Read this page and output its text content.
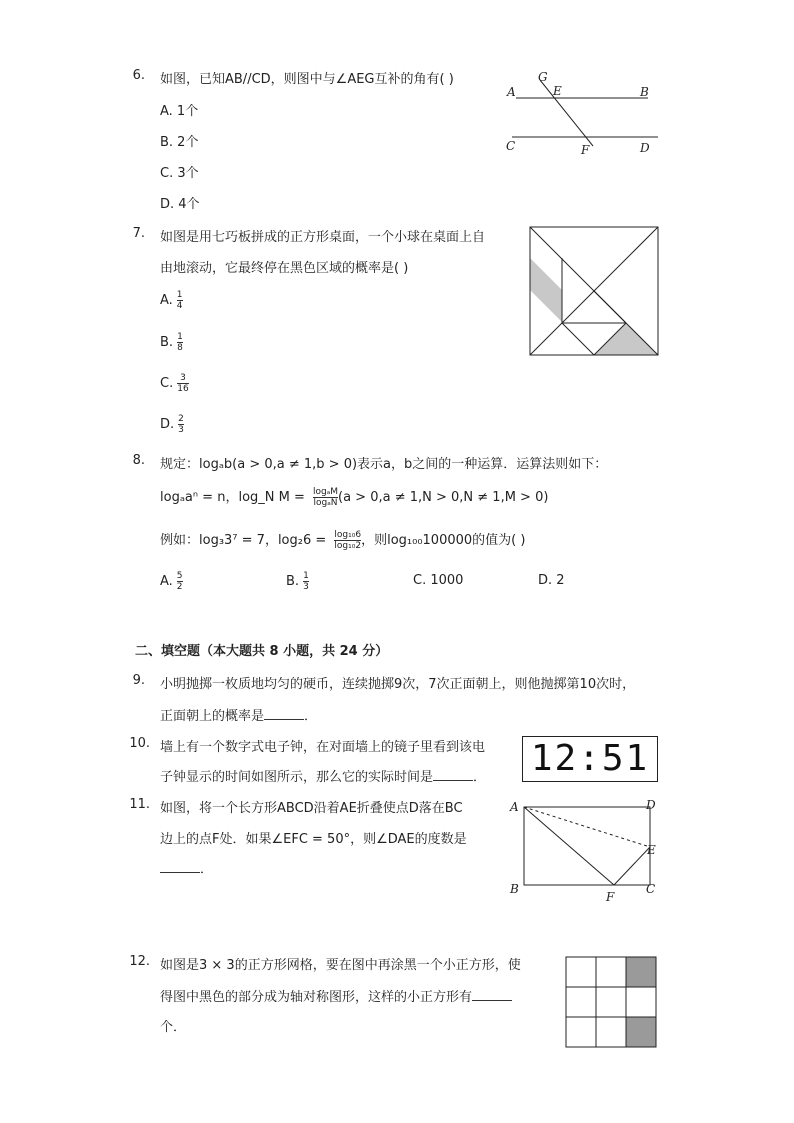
6. 如图，已知AB//CD，则图中与∠AEG互补的角有( )
A. 1个
B. 2个
C. 3个
D. 4个
A	B
C	D
E
F
G
7. 如图是用七巧板拼成的正方形桌面，一个小球在桌面上自
由地滚动，它最终停在黑色区域的概率是( )
A. $\frac{1}{4}$
B. $\frac{1}{8}$
C. $\frac{3}{16}$
D. $\frac{2}{3}$
8. 规定：logₐb(a > 0,a ≠ 1,b > 0)表示a，b之间的一种运算．运算法则如下：
logₐaⁿ = n，log_N $M = \frac{\text{logₐM}}{\text{logₐN}} (a > 0,a \ne 1,N > 0,N \ne 1,M > 0)$
例如：log₃3⁷ = 7，$\log_26 = \frac{\text{log₁₀6}}{\text{log₁₀2}}$ ，则log₁₀₀100000的值为( )
A. $\frac{5}{2}$	B. $\frac{1}{3}$	C. 1000	D. 2
二、填空题（本大题共 8 小题，共 24 分）
9. 小明抛掷一枚质地均匀的硬币，连续抛掷9次，7次正面朝上，则他抛掷第10次时，
正面朝上的概率是	．
10. 墙上有一个数字式电子钟，在对面墙上的镜子里看到该电
子钟显示的时间如图所示，那么它的实际时间是	． 12:51
11. 如图，将一个长方形ABCD沿着AE折叠使点D落在BC
边上的点F处．如果∠EFC = 50°，则∠DAE的度数是
．
A	D
E
B	C
F
12. 如图是3 × 3的正方形网格，要在图中再涂黑一个小正方形，使
得图中黑色的部分成为轴对称图形，这样的小正方形有
个．
